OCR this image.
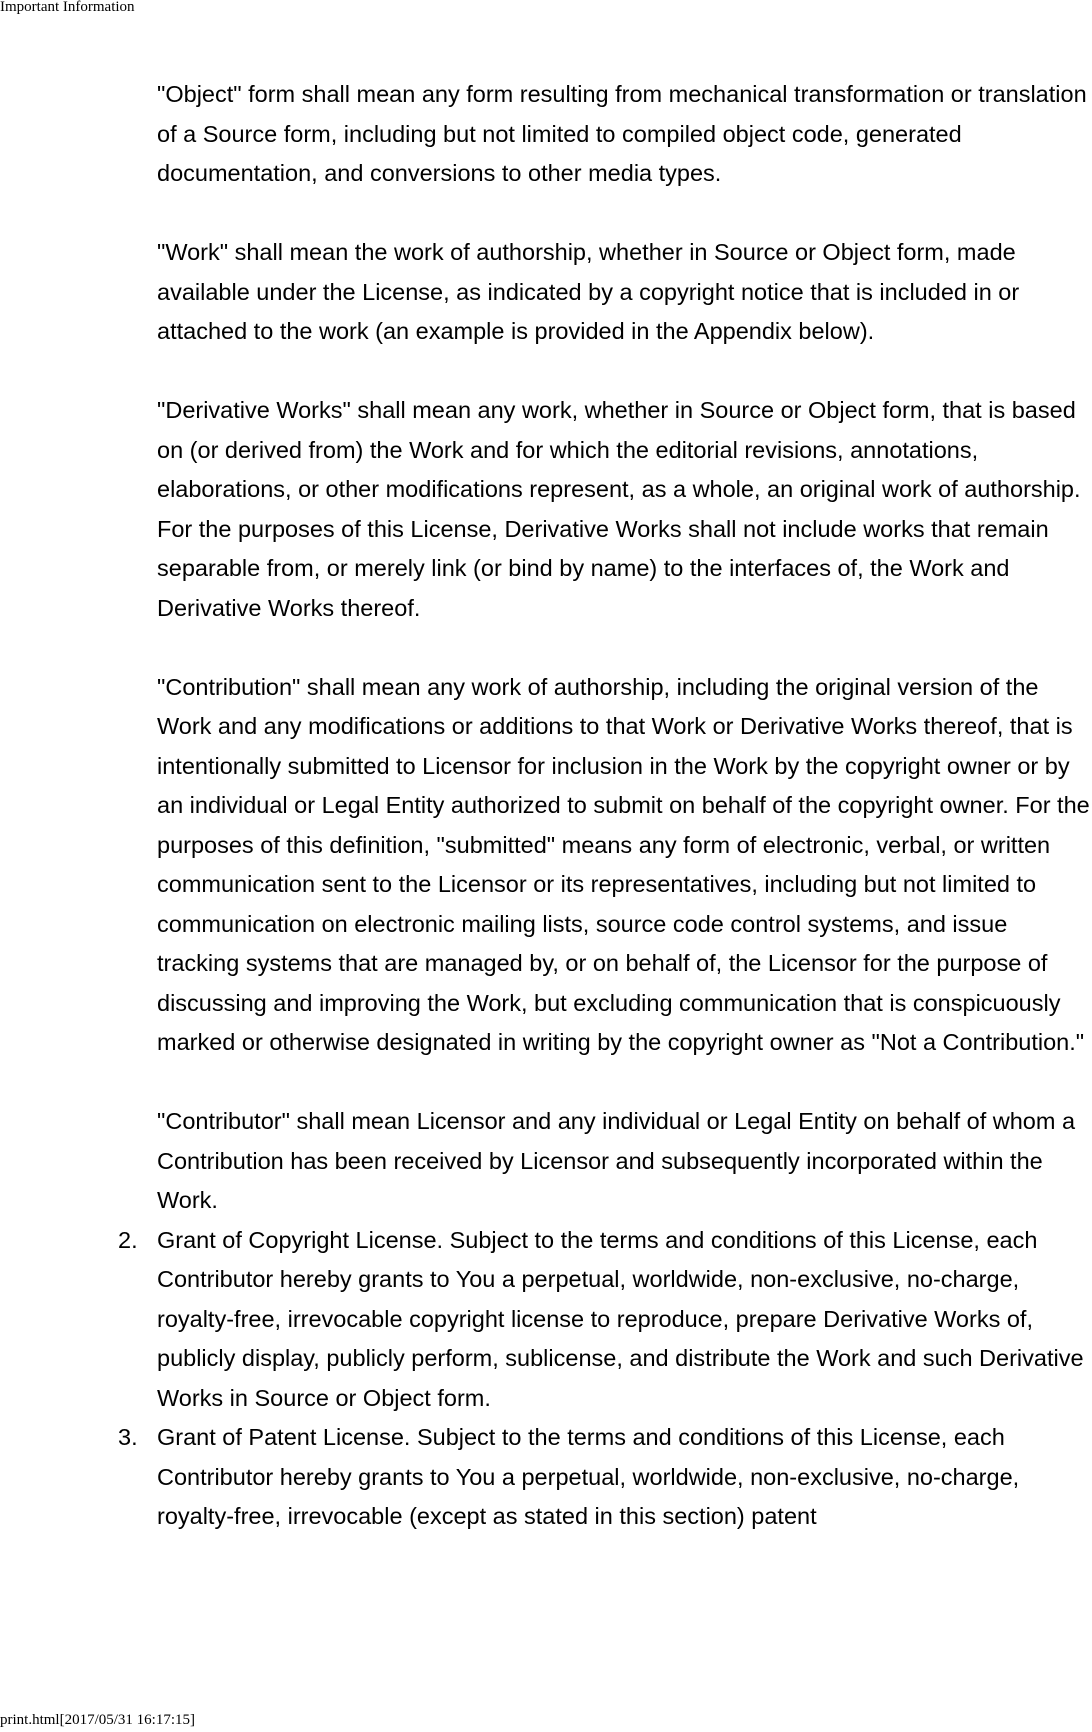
Important Information

"Object" form shall mean any form resulting from mechanical transformation or translation of a Source form, including but not limited to compiled object code, generated documentation, and conversions to other media types.

"Work" shall mean the work of authorship, whether in Source or Object form, made available under the License, as indicated by a copyright notice that is included in or attached to the work (an example is provided in the Appendix below).

"Derivative Works" shall mean any work, whether in Source or Object form, that is based on (or derived from) the Work and for which the editorial revisions, annotations, elaborations, or other modifications represent, as a whole, an original work of authorship. For the purposes of this License, Derivative Works shall not include works that remain separable from, or merely link (or bind by name) to the interfaces of, the Work and Derivative Works thereof.

"Contribution" shall mean any work of authorship, including the original version of the Work and any modifications or additions to that Work or Derivative Works thereof, that is intentionally submitted to Licensor for inclusion in the Work by the copyright owner or by an individual or Legal Entity authorized to submit on behalf of the copyright owner. For the purposes of this definition, "submitted" means any form of electronic, verbal, or written communication sent to the Licensor or its representatives, including but not limited to communication on electronic mailing lists, source code control systems, and issue tracking systems that are managed by, or on behalf of, the Licensor for the purpose of discussing and improving the Work, but excluding communication that is conspicuously marked or otherwise designated in writing by the copyright owner as "Not a Contribution."

"Contributor" shall mean Licensor and any individual or Legal Entity on behalf of whom a Contribution has been received by Licensor and subsequently incorporated within the Work.

2. Grant of Copyright License. Subject to the terms and conditions of this License, each Contributor hereby grants to You a perpetual, worldwide, non-exclusive, no-charge, royalty-free, irrevocable copyright license to reproduce, prepare Derivative Works of, publicly display, publicly perform, sublicense, and distribute the Work and such Derivative Works in Source or Object form.
3. Grant of Patent License. Subject to the terms and conditions of this License, each Contributor hereby grants to You a perpetual, worldwide, non-exclusive, no-charge, royalty-free, irrevocable (except as stated in this section) patent
print.html[2017/05/31 16:17:15]
